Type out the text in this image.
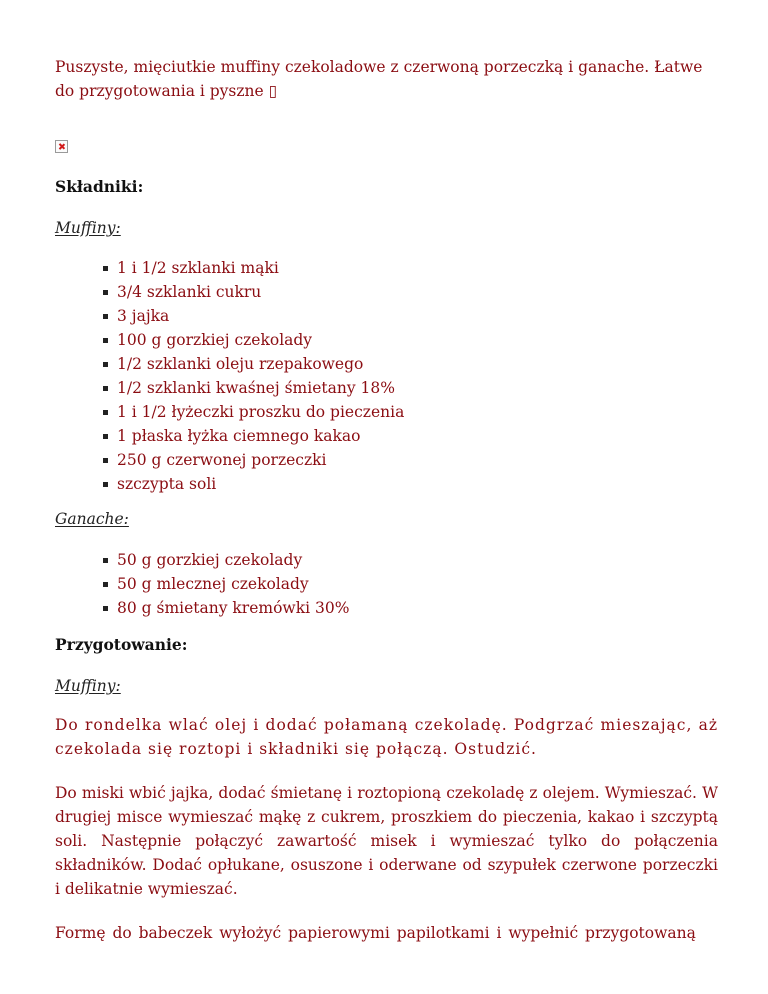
Puszyste, mięciutkie muffiny czekoladowe z czerwoną porzeczką i ganache. Łatwe do przygotowania i pyszne ▯

Składniki:

Muffiny:

1 i 1/2 szklanki mąki
3/4 szklanki cukru
3 jajka
100 g gorzkiej czekolady
1/2 szklanki oleju rzepakowego
1/2 szklanki kwaśnej śmietany 18%
1 i 1/2 łyżeczki proszku do pieczenia
1 płaska łyżka ciemnego kakao
250 g czerwonej porzeczki
szczypta soli

Ganache:

50 g gorzkiej czekolady
50 g mlecznej czekolady
80 g śmietany kremówki 30%
Przygotowanie:

Muffiny:

Do rondelka wlać olej i dodać połamaną czekoladę. Podgrzać mieszając, aż czekolada się roztopi i składniki się połączą. Ostudzić.

Do miski wbić jajka, dodać śmietanę i roztopioną czekoladę z olejem. Wymieszać. W drugiej misce wymieszać mąkę z cukrem, proszkiem do pieczenia, kakao i szczyptą soli. Następnie połączyć zawartość misek i wymieszać tylko do połączenia składników. Dodać opłukane, osuszone i oderwane od szypułek czerwone porzeczki i delikatnie wymieszać.

Formę do babeczek wyłożyć papierowymi papilotkami i wypełnić przygotowaną
